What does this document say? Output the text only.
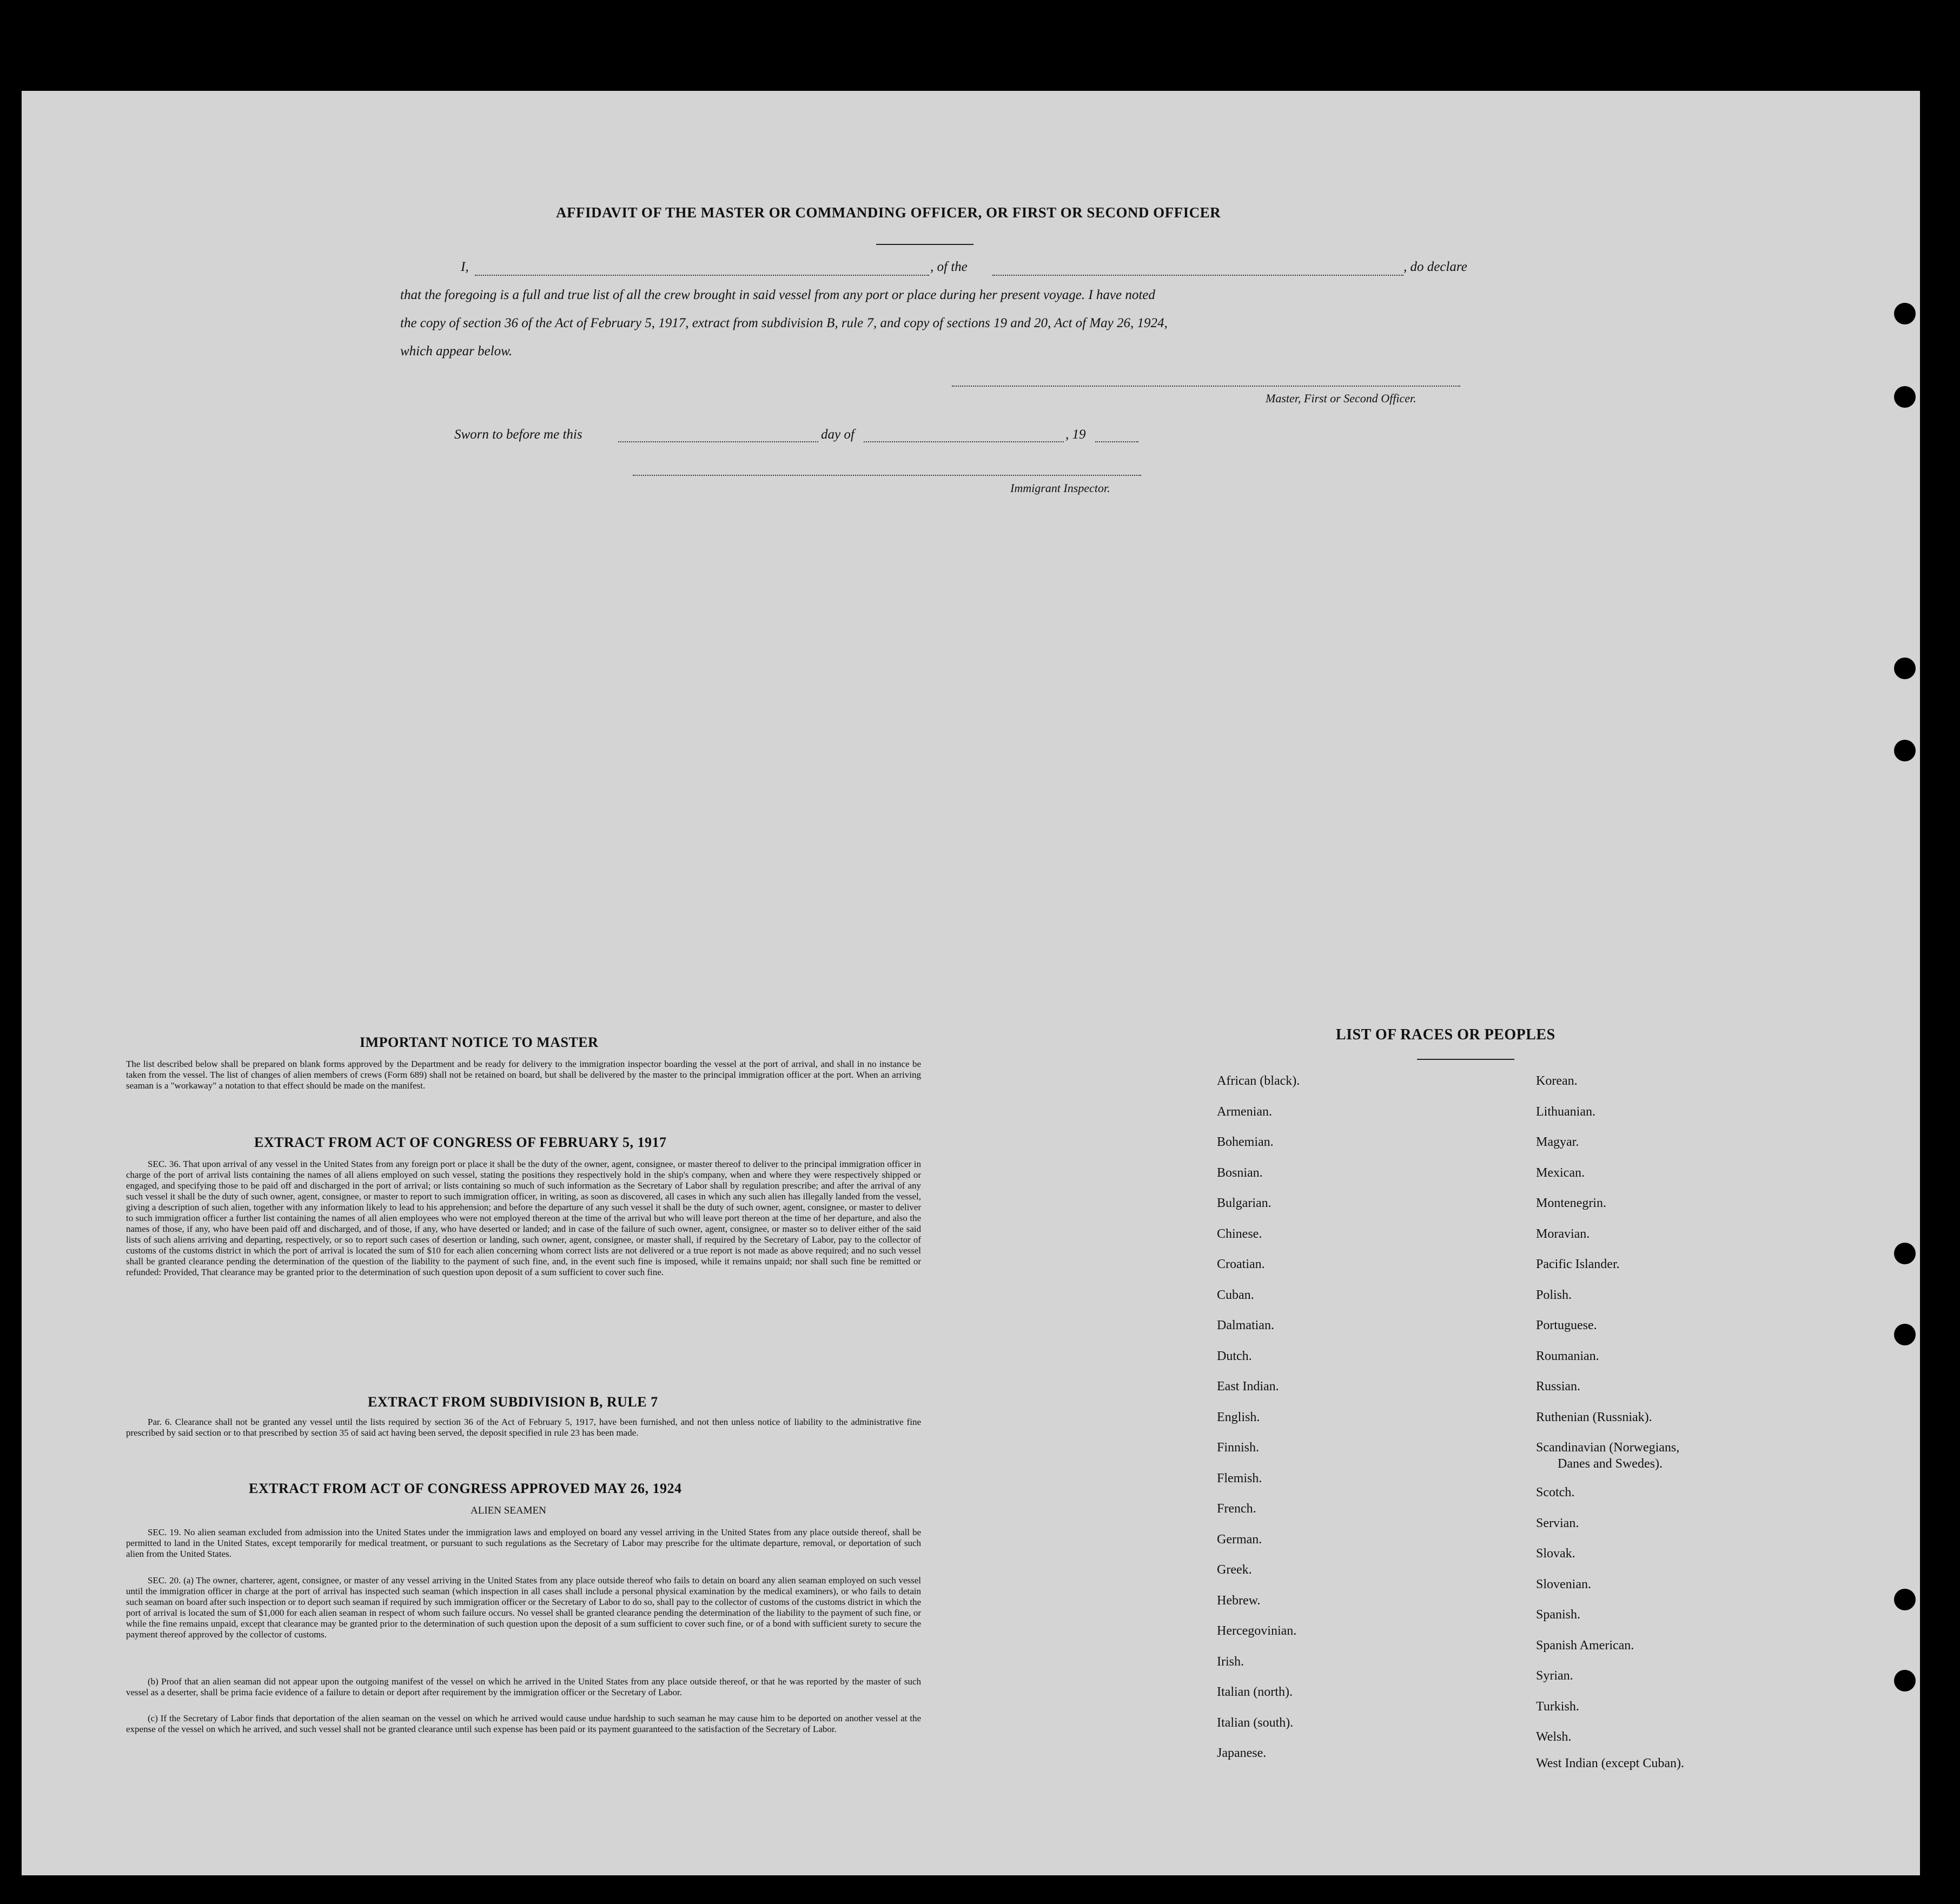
AFFIDAVIT OF THE MASTER OR COMMANDING OFFICER, OR FIRST OR SECOND OFFICER
I,	, of the	, do declare
that the foregoing is a full and true list of all the crew brought in said vessel from any port or place during her present voyage. I have noted
the copy of section 36 of the Act of February 5, 1917, extract from subdivision B, rule 7, and copy of sections 19 and 20, Act of May 26, 1924,
which appear below.
Master, First or Second Officer.
Sworn to before me this	day of	, 19
Immigrant Inspector.
IMPORTANT NOTICE TO MASTER
The list described below shall be prepared on blank forms approved by the Department and be ready for delivery to the immigration inspector boarding the vessel at the port of arrival, and shall in no instance be taken from the vessel. The list of changes of alien members of crews (Form 689) shall not be retained on board, but shall be delivered by the master to the principal immigration officer at the port. When an arriving seaman is a "workaway" a notation to that effect should be made on the manifest.
EXTRACT FROM ACT OF CONGRESS OF FEBRUARY 5, 1917
SEC. 36. That upon arrival of any vessel in the United States from any foreign port or place it shall be the duty of the owner, agent, consignee, or master thereof to deliver to the principal immigration officer in charge of the port of arrival lists containing the names of all aliens employed on such vessel, stating the positions they respectively hold in the ship's company, when and where they were respectively shipped or engaged, and specifying those to be paid off and discharged in the port of arrival; or lists containing so much of such information as the Secretary of Labor shall by regulation prescribe; and after the arrival of any such vessel it shall be the duty of such owner, agent, consignee, or master to report to such immigration officer, in writing, as soon as discovered, all cases in which any such alien has illegally landed from the vessel, giving a description of such alien, together with any information likely to lead to his apprehension; and before the departure of any such vessel it shall be the duty of such owner, agent, consignee, or master to deliver to such immigration officer a further list containing the names of all alien employees who were not employed thereon at the time of the arrival but who will leave port thereon at the time of her departure, and also the names of those, if any, who have been paid off and discharged, and of those, if any, who have deserted or landed; and in case of the failure of such owner, agent, consignee, or master so to deliver either of the said lists of such aliens arriving and departing, respectively, or so to report such cases of desertion or landing, such owner, agent, consignee, or master shall, if required by the Secretary of Labor, pay to the collector of customs of the customs district in which the port of arrival is located the sum of $10 for each alien concerning whom correct lists are not delivered or a true report is not made as above required; and no such vessel shall be granted clearance pending the determination of the question of the liability to the payment of such fine, and, in the event such fine is imposed, while it remains unpaid; nor shall such fine be remitted or refunded: Provided, That clearance may be granted prior to the determination of such question upon deposit of a sum sufficient to cover such fine.
EXTRACT FROM SUBDIVISION B, RULE 7
Par. 6. Clearance shall not be granted any vessel until the lists required by section 36 of the Act of February 5, 1917, have been furnished, and not then unless notice of liability to the administrative fine prescribed by said section or to that prescribed by section 35 of said act having been served, the deposit specified in rule 23 has been made.
EXTRACT FROM ACT OF CONGRESS APPROVED MAY 26, 1924
ALIEN SEAMEN
SEC. 19. No alien seaman excluded from admission into the United States under the immigration laws and employed on board any vessel arriving in the United States from any place outside thereof, shall be permitted to land in the United States, except temporarily for medical treatment, or pursuant to such regulations as the Secretary of Labor may prescribe for the ultimate departure, removal, or deportation of such alien from the United States.
SEC. 20. (a) The owner, charterer, agent, consignee, or master of any vessel arriving in the United States from any place outside thereof who fails to detain on board any alien seaman employed on such vessel until the immigration officer in charge at the port of arrival has inspected such seaman (which inspection in all cases shall include a personal physical examination by the medical examiners), or who fails to detain such seaman on board after such inspection or to deport such seaman if required by such immigration officer or the Secretary of Labor to do so, shall pay to the collector of customs of the customs district in which the port of arrival is located the sum of $1,000 for each alien seaman in respect of whom such failure occurs. No vessel shall be granted clearance pending the determination of the liability to the payment of such fine, or while the fine remains unpaid, except that clearance may be granted prior to the determination of such question upon the deposit of a sum sufficient to cover such fine, or of a bond with sufficient surety to secure the payment thereof approved by the collector of customs.
(b) Proof that an alien seaman did not appear upon the outgoing manifest of the vessel on which he arrived in the United States from any place outside thereof, or that he was reported by the master of such vessel as a deserter, shall be prima facie evidence of a failure to detain or deport after requirement by the immigration officer or the Secretary of Labor.
(c) If the Secretary of Labor finds that deportation of the alien seaman on the vessel on which he arrived would cause undue hardship to such seaman he may cause him to be deported on another vessel at the expense of the vessel on which he arrived, and such vessel shall not be granted clearance until such expense has been paid or its payment guaranteed to the satisfaction of the Secretary of Labor.
LIST OF RACES OR PEOPLES
African (black).
Armenian.
Bohemian.
Bosnian.
Bulgarian.
Chinese.
Croatian.
Cuban.
Dalmatian.
Dutch.
East Indian.
English.
Finnish.
Flemish.
French.
German.
Greek.
Hebrew.
Hercegovinian.
Irish.
Italian (north).
Italian (south).
Japanese.
Korean.
Lithuanian.
Magyar.
Mexican.
Montenegrin.
Moravian.
Pacific Islander.
Polish.
Portuguese.
Roumanian.
Russian.
Ruthenian (Russniak).
Scandinavian (Norwegians,
Danes and Swedes).
Scotch.
Servian.
Slovak.
Slovenian.
Spanish.
Spanish American.
Syrian.
Turkish.
Welsh.
West Indian (except Cuban).
